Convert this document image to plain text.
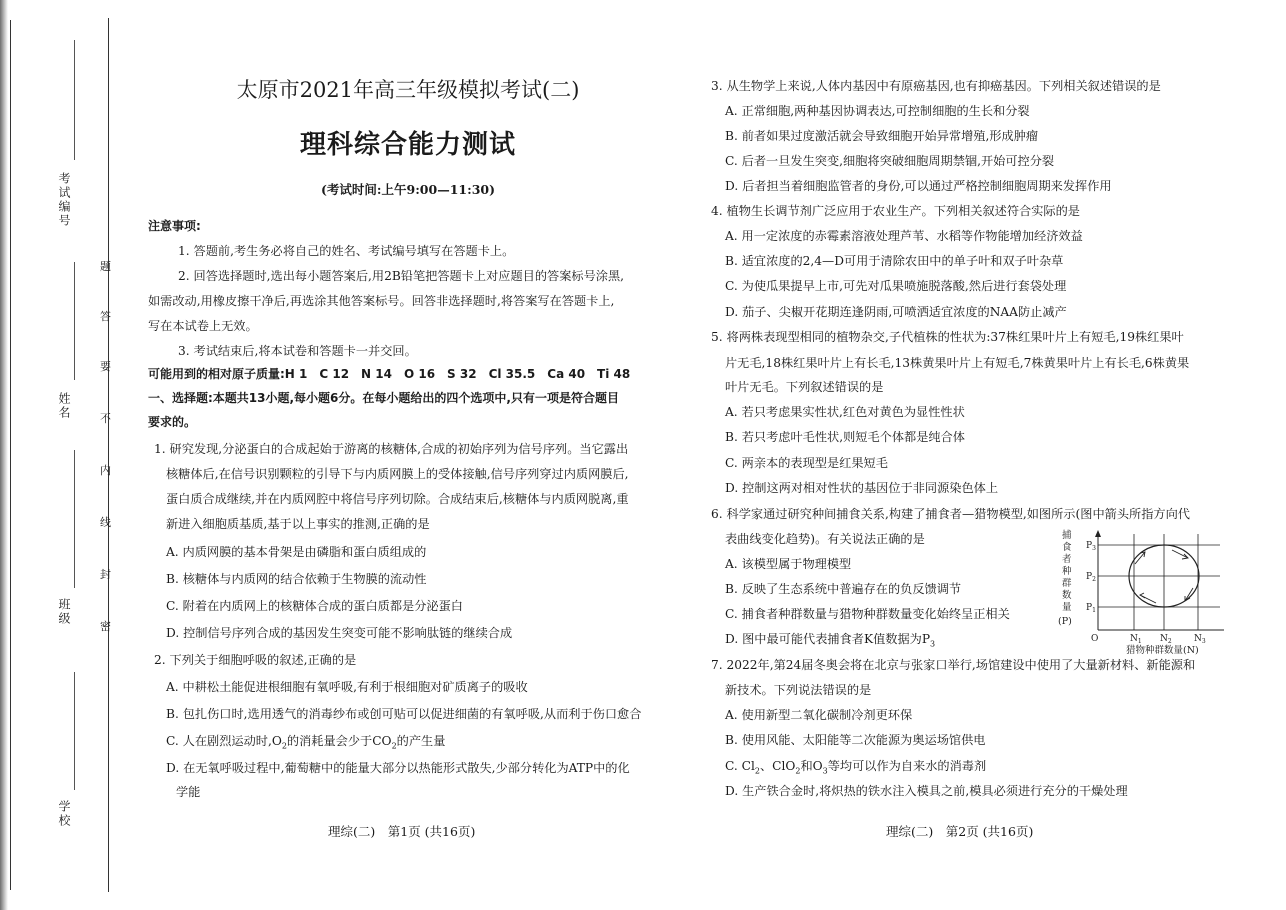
考试编号
姓名
班级
学校
题
答
要
不
内
线
封
密
太原市2021年高三年级模拟考试(二)
理科综合能力测试
(考试时间:上午9:00—11:30)
注意事项:
1. 答题前,考生务必将自己的姓名、考试编号填写在答题卡上。
2. 回答选择题时,选出每小题答案后,用2B铅笔把答题卡上对应题目的答案标号涂黑,
如需改动,用橡皮擦干净后,再选涂其他答案标号。回答非选择题时,将答案写在答题卡上,
写在本试卷上无效。
3. 考试结束后,将本试卷和答题卡一并交回。
可能用到的相对原子质量:H 1　C 12　N 14　O 16　S 32　Cl 35.5　Ca 40　Ti 48
一、选择题:本题共13小题,每小题6分。在每小题给出的四个选项中,只有一项是符合题目
要求的。
1. 研究发现,分泌蛋白的合成起始于游离的核糖体,合成的初始序列为信号序列。当它露出
核糖体后,在信号识别颗粒的引导下与内质网膜上的受体接触,信号序列穿过内质网膜后,
蛋白质合成继续,并在内质网腔中将信号序列切除。合成结束后,核糖体与内质网脱离,重
新进入细胞质基质,基于以上事实的推测,正确的是
A. 内质网膜的基本骨架是由磷脂和蛋白质组成的
B. 核糖体与内质网的结合依赖于生物膜的流动性
C. 附着在内质网上的核糖体合成的蛋白质都是分泌蛋白
D. 控制信号序列合成的基因发生突变可能不影响肽链的继续合成
2. 下列关于细胞呼吸的叙述,正确的是
A. 中耕松土能促进根细胞有氧呼吸,有利于根细胞对矿质离子的吸收
B. 包扎伤口时,选用透气的消毒纱布或创可贴可以促进细菌的有氧呼吸,从而利于伤口愈合
C. 人在剧烈运动时$,O_2$的消耗量会少于$CO_2$的产生量
D. 在无氧呼吸过程中,葡萄糖中的能量大部分以热能形式散失,少部分转化为ATP中的化
学能
理综(二)　第1页 (共16页)
3. 从生物学上来说,人体内基因中有原癌基因,也有抑癌基因。下列相关叙述错误的是
A. 正常细胞,两种基因协调表达,可控制细胞的生长和分裂
B. 前者如果过度激活就会导致细胞开始异常增殖,形成肿瘤
C. 后者一旦发生突变,细胞将突破细胞周期禁锢,开始可控分裂
D. 后者担当着细胞监管者的身份,可以通过严格控制细胞周期来发挥作用
4. 植物生长调节剂广泛应用于农业生产。下列相关叙述符合实际的是
A. 用一定浓度的赤霉素溶液处理芦苇、水稻等作物能增加经济效益
B. 适宜浓度的2,4—D可用于清除农田中的单子叶和双子叶杂草
C. 为使瓜果提早上市,可先对瓜果喷施脱落酸,然后进行套袋处理
D. 茄子、尖椒开花期连逢阴雨,可喷洒适宜浓度的NAA防止减产
5. 将两株表现型相同的植物杂交,子代植株的性状为:37株红果叶片上有短毛,19株红果叶
片无毛,18株红果叶片上有长毛,13株黄果叶片上有短毛,7株黄果叶片上有长毛,6株黄果
叶片无毛。下列叙述错误的是
A. 若只考虑果实性状,红色对黄色为显性性状
B. 若只考虑叶毛性状,则短毛个体都是纯合体
C. 两亲本的表现型是红果短毛
D. 控制这两对相对性状的基因位于非同源染色体上
6. 科学家通过研究种间捕食关系,构建了捕食者—猎物模型,如图所示(图中箭头所指方向代
表曲线变化趋势)。有关说法正确的是
A. 该模型属于物理模型
B. 反映了生态系统中普遍存在的负反馈调节
C. 捕食者种群数量与猎物种群数量变化始终呈正相关
D. 图中最可能代表捕食者K值数据为$P_3$
7. 2022年,第24届冬奥会将在北京与张家口举行,场馆建设中使用了大量新材料、新能源和
新技术。下列说法错误的是
A. 使用新型二氧化碳制冷剂更环保
B. 使用风能、太阳能等二次能源为奥运场馆供电
C. $Cl_2$、ClO$_2$和$O_3$等均可以作为自来水的消毒剂
D. 生产铁合金时,将炽热的铁水注入模具之前,模具必须进行充分的干燥处理
理综(二)　第2页 (共16页)
捕
食
者
种
群
数
量
(P)
$P_3$
$P_2$
$P_1$
O	$N_1$ $N_2$ $N_3$
猎物种群数量(N)
